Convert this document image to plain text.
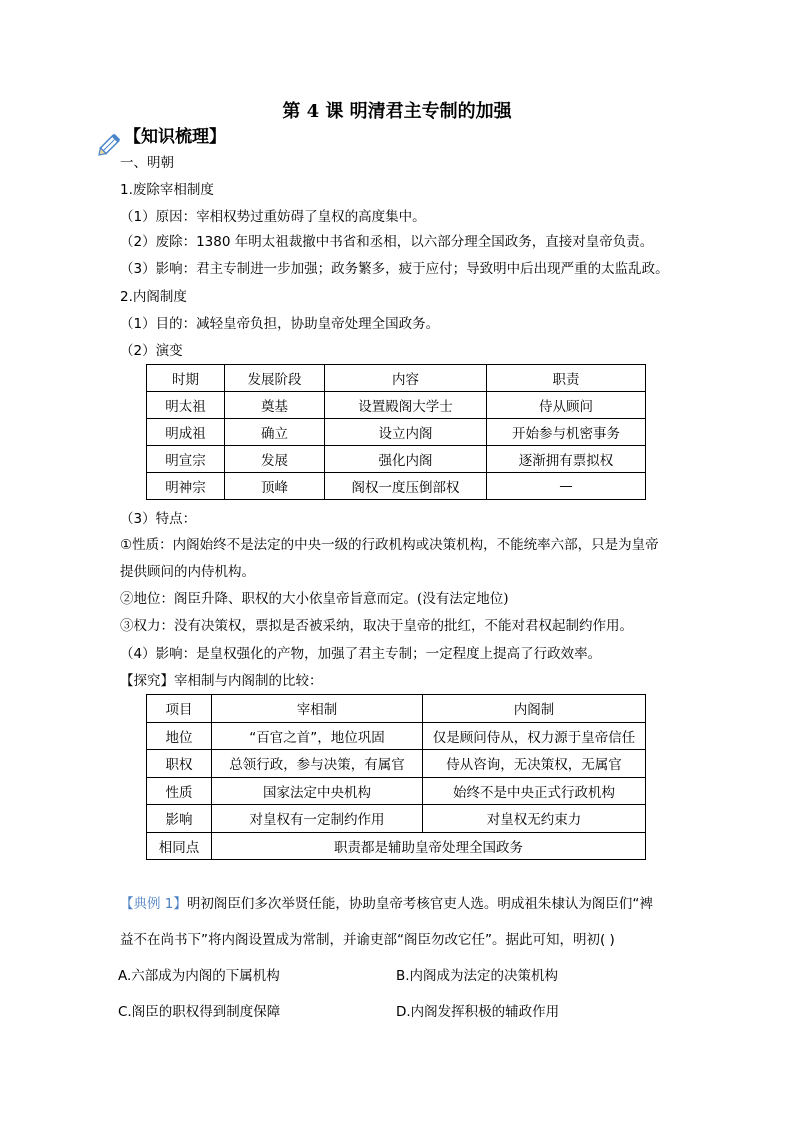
第 4 课 明清君主专制的加强
【知识梳理】
一、明朝
1.废除宰相制度
（1）原因：宰相权势过重妨碍了皇权的高度集中。
（2）废除：1380 年明太祖裁撤中书省和丞相，以六部分理全国政务，直接对皇帝负责。
（3）影响：君主专制进一步加强；政务繁多，疲于应付；导致明中后出现严重的太监乱政。
2.内阁制度
（1）目的：减轻皇帝负担，协助皇帝处理全国政务。
（2）演变
时期	发展阶段	内容	职责
明太祖	奠基	设置殿阁大学士	侍从顾问
明成祖	确立	设立内阁	开始参与机密事务
明宣宗	发展	强化内阁	逐渐拥有票拟权
明神宗	顶峰	阁权一度压倒部权	—
（3）特点：
①性质：内阁始终不是法定的中央一级的行政机构或决策机构，不能统率六部，只是为皇帝
提供顾问的内侍机构。
②地位：阁臣升降、职权的大小依皇帝旨意而定。(没有法定地位)
③权力：没有决策权，票拟是否被采纳，取决于皇帝的批红，不能对君权起制约作用。
（4）影响：是皇权强化的产物，加强了君主专制；一定程度上提高了行政效率。
【探究】宰相制与内阁制的比较：
项目	宰相制	内阁制
地位	“百官之首”，地位巩固	仅是顾问侍从，权力源于皇帝信任
职权	总领行政，参与决策，有属官	侍从咨询，无决策权，无属官
性质	国家法定中央机构	始终不是中央正式行政机构
影响	对皇权有一定制约作用	对皇权无约束力
相同点	职责都是辅助皇帝处理全国政务	
【典例 1】明初阁臣们多次举贤任能，协助皇帝考核官吏人选。明成祖朱棣认为阁臣们“裨
益不在尚书下”将内阁设置成为常制，并谕吏部“阁臣勿改它任”。据此可知，明初( )
A.六部成为内阁的下属机构	B.内阁成为法定的决策机构
C.阁臣的职权得到制度保障	D.内阁发挥积极的辅政作用
